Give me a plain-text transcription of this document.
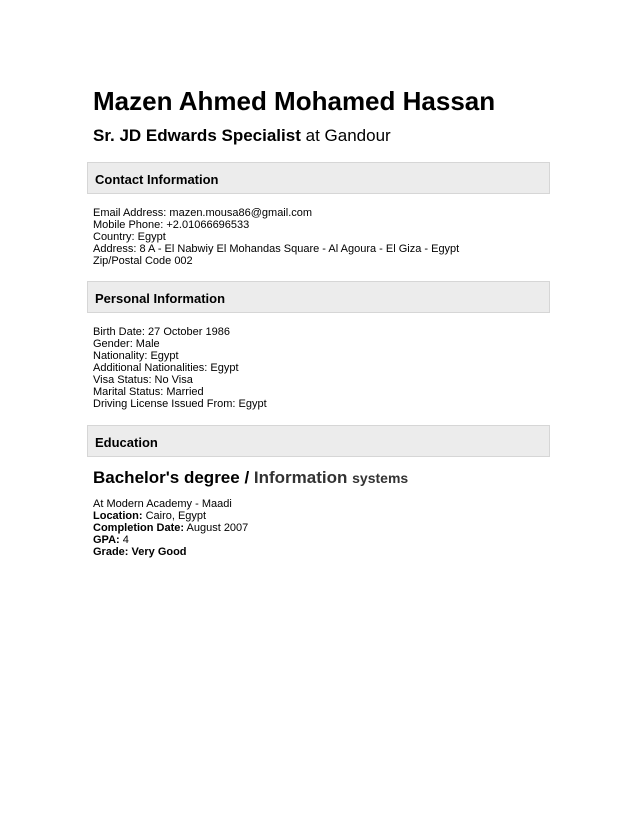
Mazen Ahmed Mohamed Hassan
Sr. JD Edwards Specialist at Gandour
Contact Information
Email Address: mazen.mousa86@gmail.com
Mobile Phone: +2.01066696533
Country: Egypt
Address: 8 A - El Nabwiy El Mohandas Square - Al Agoura - El Giza - Egypt
Zip/Postal Code 002
Personal Information
Birth Date: 27 October 1986
Gender: Male
Nationality: Egypt
Additional Nationalities: Egypt
Visa Status: No Visa
Marital Status: Married
Driving License Issued From: Egypt
Education
Bachelor's degree / Information systems
At Modern Academy - Maadi
Location: Cairo, Egypt
Completion Date: August 2007
GPA: 4
Grade: Very Good
